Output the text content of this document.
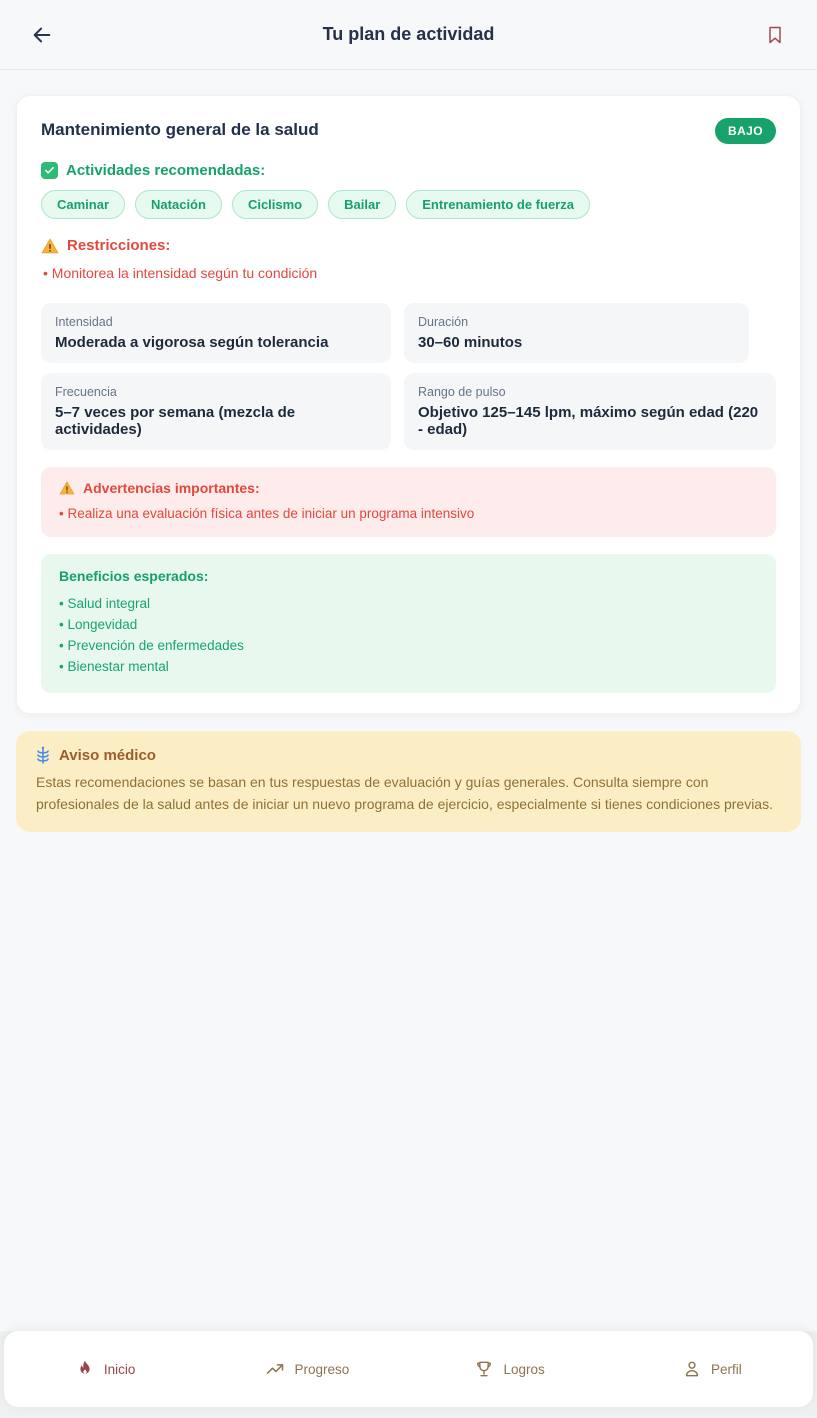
Tu plan de actividad
Mantenimiento general de la salud	BAJO
Actividades recomendadas:
Caminar	Natación	Ciclismo	Bailar	Entrenamiento de fuerza
Restricciones:
• Monitorea la intensidad según tu condición
Intensidad
Moderada a vigorosa según tolerancia
Duración
30–60 minutos
Frecuencia
5–7 veces por semana (mezcla de actividades)
Rango de pulso
Objetivo 125–145 lpm, máximo según edad (220 - edad)
Advertencias importantes:
• Realiza una evaluación física antes de iniciar un programa intensivo
Beneficios esperados:
• Salud integral
• Longevidad
• Prevención de enfermedades
• Bienestar mental
Aviso médico

Estas recomendaciones se basan en tus respuestas de evaluación y guías generales. Consulta siempre con profesionales de la salud antes de iniciar un nuevo programa de ejercicio, especialmente si tienes condiciones previas.

Inicio	Progreso	Logros	Perfil
